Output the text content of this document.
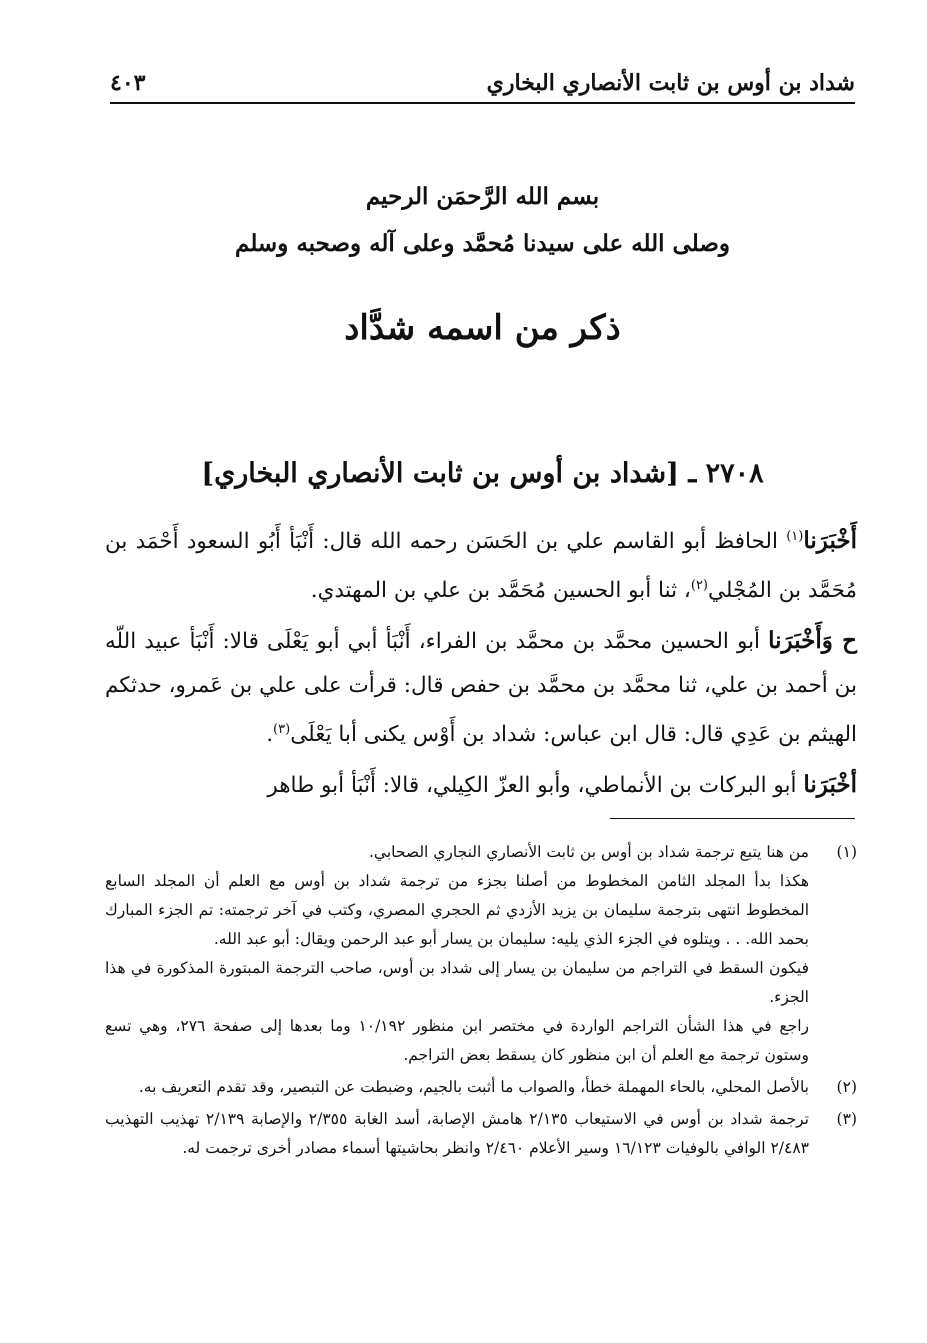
شداد بن أوس بن ثابت الأنصاري البخاري
٤٠٣
بسم الله الرَّحمَن الرحيم
وصلى الله على سيدنا مُحمَّد وعلى آله وصحبه وسلم
ذكر من اسمه شدَّاد
٢٧٠٨ ـ [شداد بن أوس بن ثابت الأنصاري البخاري]

أَخْبَرَنا$^{(١)}$ الحافظ أبو القاسم علي بن الحَسَن رحمه الله قال: أَنْبَأ أَبُو السعود أَحْمَد بن مُحَمَّد بن المُجْلي$^{(٢)}$، ثنا أبو الحسين مُحَمَّد بن علي بن المهتدي.

ح وَأَخْبَرَنا أبو الحسين محمَّد بن محمَّد بن الفراء، أَنْبَأ أبي أبو يَعْلَى قالا: أَنْبَأ عبيد اللّه بن أحمد بن علي، ثنا محمَّد بن محمَّد بن حفص قال: قرأت على علي بن عَمرو، حدثكم الهيثم بن عَدِي قال: قال ابن عباس: شداد بن أَوْس يكنى أبا يَعْلَى$^{(٣)}$.

أخْبَرَنا أبو البركات بن الأنماطي، وأبو العزّ الكِيلي، قالا: أَنْبَأ أبو طاهر

(١)

من هنا يتبع ترجمة شداد بن أوس بن ثابت الأنصاري النجاري الصحابي.

هكذا بدأ المجلد الثامن المخطوط من أصلنا بجزء من ترجمة شداد بن أوس مع العلم أن المجلد السابع المخطوط انتهى بترجمة سليمان بن يزيد الأزدي ثم الحجري المصري، وكتب في آخر ترجمته: تم الجزء المبارك بحمد الله. . . ويتلوه في الجزء الذي يليه: سليمان بن يسار أبو عبد الرحمن ويقال: أبو عبد الله.

فيكون السقط في التراجم من سليمان بن يسار إلى شداد بن أوس، صاحب الترجمة المبتورة المذكورة في هذا الجزء.

راجع في هذا الشأن التراجم الواردة في مختصر ابن منظور ١٠/١٩٢ وما بعدها إلى صفحة ٢٧٦، وهي تسع وستون ترجمة مع العلم أن ابن منظور كان يسقط بعض التراجم.

(٢)

بالأصل المحلي، بالحاء المهملة خطأ، والصواب ما أثبت بالجيم، وضبطت عن التبصير، وقد تقدم التعريف به.

(٣)

ترجمة شداد بن أوس في الاستيعاب ٢/١٣٥ هامش الإصابة، أسد الغابة ٢/٣٥٥ والإصابة ٢/١٣٩ تهذيب التهذيب ٢/٤٨٣ الوافي بالوفيات ١٦/١٢٣ وسير الأعلام ٢/٤٦٠ وانظر بحاشيتها أسماء مصادر أخرى ترجمت له.
